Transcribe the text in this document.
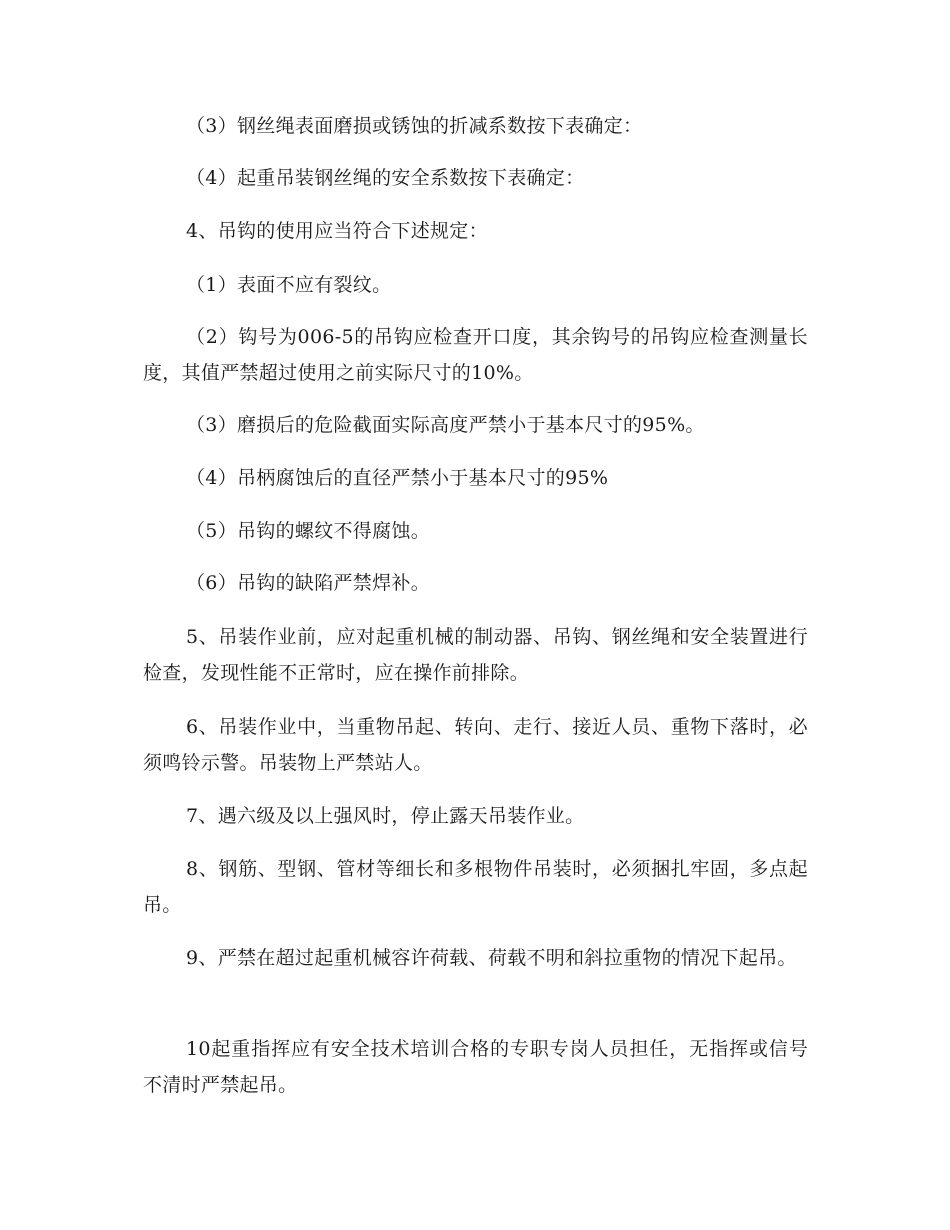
（3）钢丝绳表面磨损或锈蚀的折减系数按下表确定：

（4）起重吊装钢丝绳的安全系数按下表确定：

4、吊钩的使用应当符合下述规定：

（1）表面不应有裂纹。

（2）钩号为006-5的吊钩应检查开口度，其余钩号的吊钩应检查测量长度，其值严禁超过使用之前实际尺寸的10%。

（3）磨损后的危险截面实际高度严禁小于基本尺寸的95%。

（4）吊柄腐蚀后的直径严禁小于基本尺寸的95%

（5）吊钩的螺纹不得腐蚀。

（6）吊钩的缺陷严禁焊补。

5、吊装作业前，应对起重机械的制动器、吊钩、钢丝绳和安全装置进行检查，发现性能不正常时，应在操作前排除。

6、吊装作业中，当重物吊起、转向、走行、接近人员、重物下落时，必须鸣铃示警。吊装物上严禁站人。

7、遇六级及以上强风时，停止露天吊装作业。

8、钢筋、型钢、管材等细长和多根物件吊装时，必须捆扎牢固，多点起吊。

9、严禁在超过起重机械容许荷载、荷载不明和斜拉重物的情况下起吊。

10起重指挥应有安全技术培训合格的专职专岗人员担任，无指挥或信号不清时严禁起吊。
